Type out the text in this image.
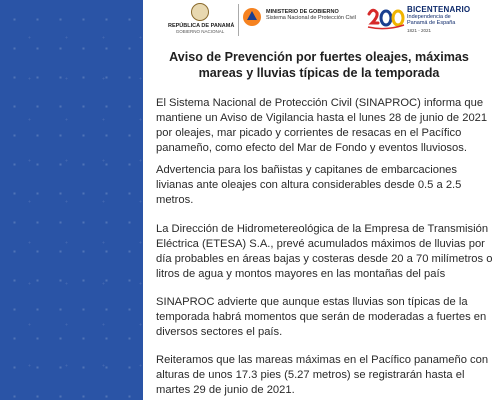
REPÚBLICA DE PANAMÁ
GOBIERNO NACIONAL
MINISTERIO DE GOBIERNO
Sistema Nacional de Protección Civil
BICENTENARIO
Independencia de
Panamá de España
1821 - 2021
Aviso de Prevención por fuertes oleajes, máximas
mareas y lluvias típicas de la temporada
El Sistema Nacional de Protección Civil (SINAPROC) informa que
mantiene un Aviso de Vigilancia hasta el lunes 28 de junio de 2021
por oleajes, mar picado y corrientes de resacas en el Pacífico
panameño, como efecto del Mar de Fondo y eventos lluviosos.
Advertencia para los bañistas y capitanes de embarcaciones
livianas ante oleajes con altura considerables desde 0.5 a 2.5
metros.
La Dirección de Hidrometereológica de la Empresa de Transmisión
Eléctrica (ETESA) S.A., prevé acumulados máximos de lluvias por
día probables en áreas bajas y costeras desde 20 a 70 milímetros o
litros de agua y montos mayores en las montañas del país
SINAPROC advierte que aunque estas lluvias son típicas de la
temporada habrá momentos que serán de moderadas a fuertes en
diversos sectores el país.
Reiteramos que las mareas máximas en el Pacífico panameño con
alturas de unos 17.3 pies (5.27 metros) se registrarán hasta el
martes 29 de junio de 2021.
